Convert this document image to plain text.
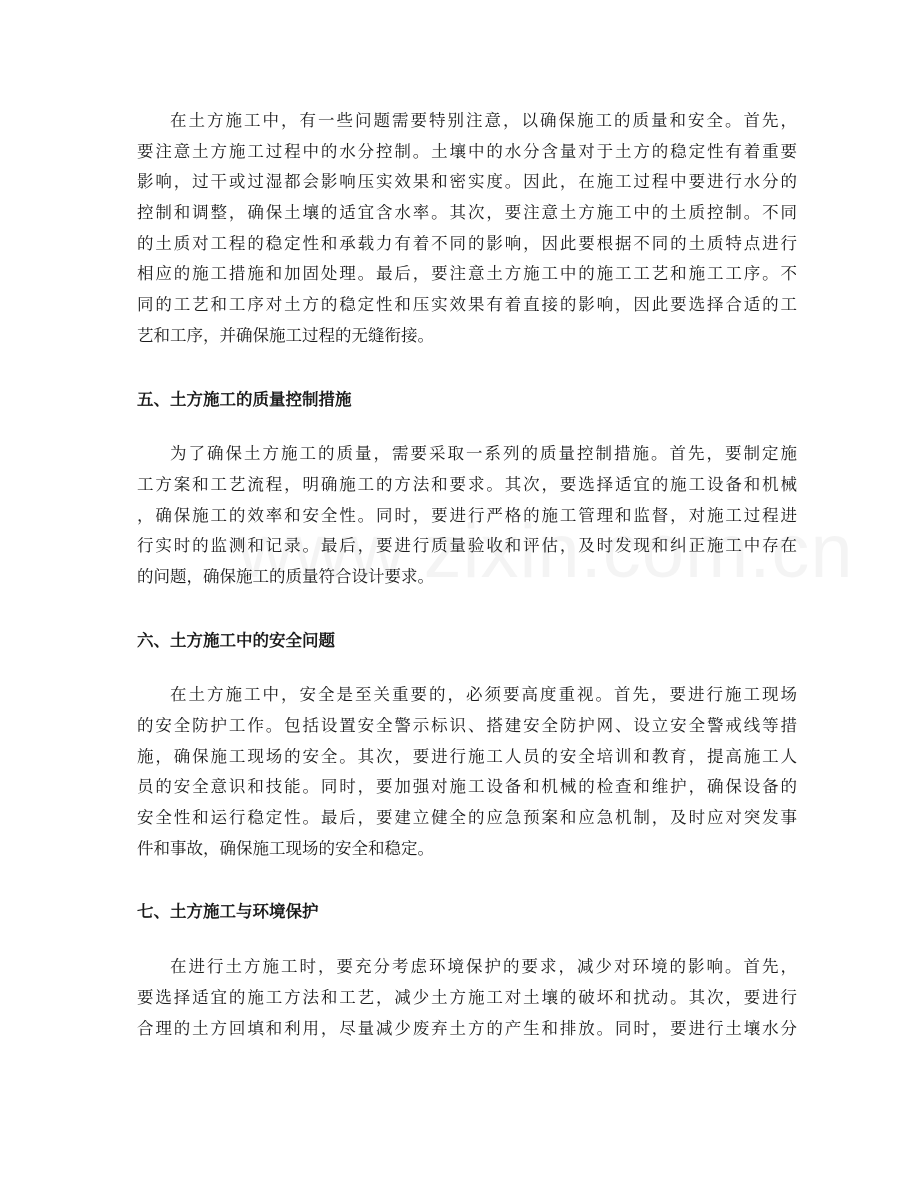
在土方施工中，有一些问题需要特别注意，以确保施工的质量和安全。首先，
要注意土方施工过程中的水分控制。土壤中的水分含量对于土方的稳定性有着重要
影响，过干或过湿都会影响压实效果和密实度。因此，在施工过程中要进行水分的
控制和调整，确保土壤的适宜含水率。其次，要注意土方施工中的土质控制。不同
的土质对工程的稳定性和承载力有着不同的影响，因此要根据不同的土质特点进行
相应的施工措施和加固处理。最后，要注意土方施工中的施工工艺和施工工序。不
同的工艺和工序对土方的稳定性和压实效果有着直接的影响，因此要选择合适的工
艺和工序，并确保施工过程的无缝衔接。
五、土方施工的质量控制措施
为了确保土方施工的质量，需要采取一系列的质量控制措施。首先，要制定施
工方案和工艺流程，明确施工的方法和要求。其次，要选择适宜的施工设备和机械
，确保施工的效率和安全性。同时，要进行严格的施工管理和监督，对施工过程进
行实时的监测和记录。最后，要进行质量验收和评估，及时发现和纠正施工中存在
的问题，确保施工的质量符合设计要求。
六、土方施工中的安全问题
在土方施工中，安全是至关重要的，必须要高度重视。首先，要进行施工现场
的安全防护工作。包括设置安全警示标识、搭建安全防护网、设立安全警戒线等措
施，确保施工现场的安全。其次，要进行施工人员的安全培训和教育，提高施工人
员的安全意识和技能。同时，要加强对施工设备和机械的检查和维护，确保设备的
安全性和运行稳定性。最后，要建立健全的应急预案和应急机制，及时应对突发事
件和事故，确保施工现场的安全和稳定。
七、土方施工与环境保护
在进行土方施工时，要充分考虑环境保护的要求，减少对环境的影响。首先，
要选择适宜的施工方法和工艺，减少土方施工对土壤的破坏和扰动。其次，要进行
合理的土方回填和利用，尽量减少废弃土方的产生和排放。同时，要进行土壤水分
